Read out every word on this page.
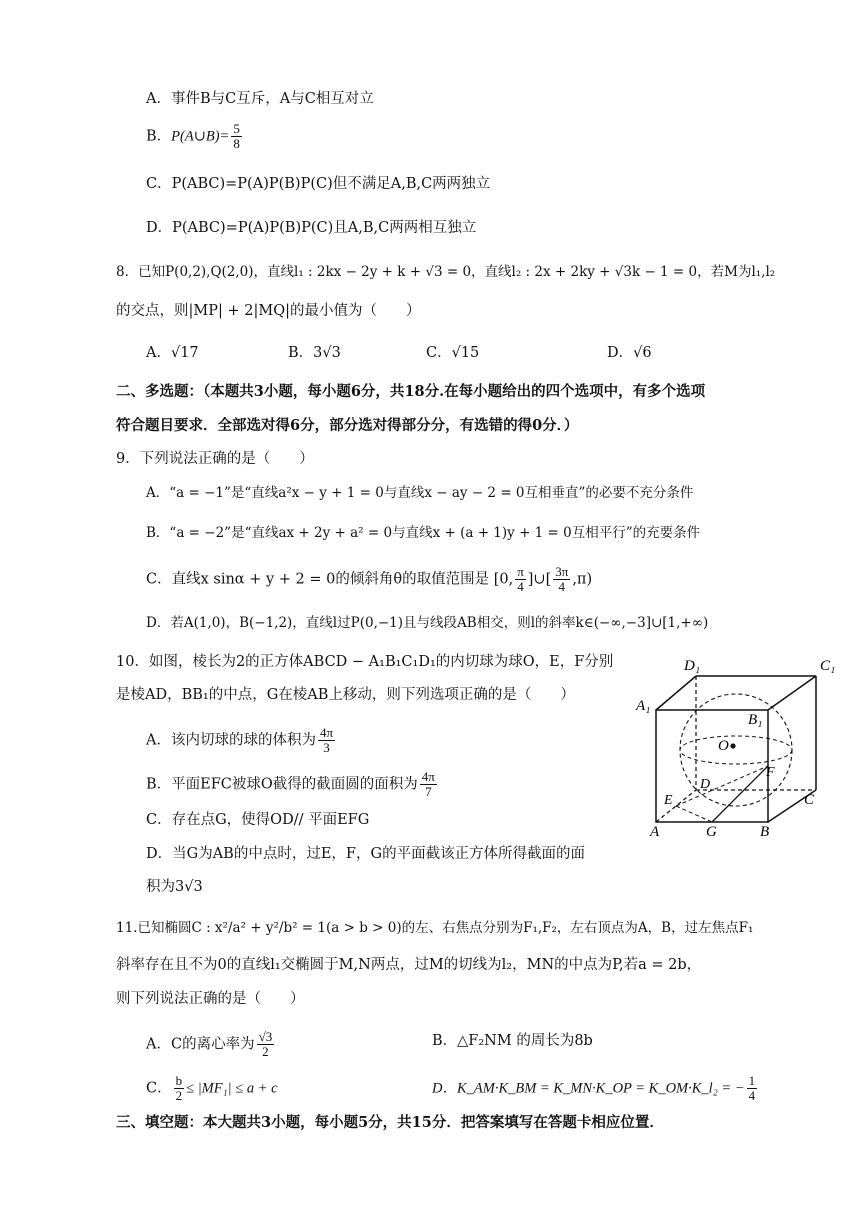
A．事件B与C互斥，A与C相互对立
B．P(A∪B)= $\frac{5}{8}$
C．P(ABC)=P(A)P(B)P(C)但不满足A,B,C两两独立
D．P(ABC)=P(A)P(B)P(C)且A,B,C两两相互独立
8．已知P(0,2),Q(2,0)，直线l₁ : 2kx − 2y + k + √3 = 0，直线l₂ : 2x + 2ky + √3k − 1 = 0，若M为l₁,l₂
的交点，则|MP| + 2|MQ|的最小值为（　　）
A．√17	B．3√3	C．√15	D．√6
二、多选题：（本题共3小题，每小题6分，共18分.在每小题给出的四个选项中，有多个选项
符合题目要求．全部选对得6分，部分选对得部分分，有选错的得0分．）
9．下列说法正确的是（　　）
A．“a = −1”是“直线a²x − y + 1 = 0与直线x − ay − 2 = 0互相垂直”的必要不充分条件
B．“a = −2”是“直线ax + 2y + a² = 0与直线x + (a + 1)y + 1 = 0互相平行”的充要条件
C．直线x sinα + y + 2 = 0的倾斜角θ的取值范围是 [0, $\frac{\pi}{4}$ ]∪[ $\frac{3\pi}{4} ,\pi$)
D．若A(1,0)，B(−1,2)，直线l过P(0,−1)且与线段AB相交，则l的斜率k∈(−∞,−3]∪[1,+∞)
10．如图，棱长为2的正方体ABCD − A₁B₁C₁D₁的内切球为球O，E，F分别
是棱AD，BB₁的中点，G在棱AB上移动，则下列选项正确的是（　　）
A．该内切球的球的体积为 $\frac{4\pi}{3}$
B．平面EFC被球O截得的截面圆的面积为 $\frac{4\pi}{7}$
C．存在点G，使得OD// 平面EFG
D．当G为AB的中点时，过E，F，G的平面截该正方体所得截面的面
积为3√3
D₁	C₁
A₁
B₁
O
D
F
E	C
A	G	B
11.已知椭圆C : x²/a² + y²/b² = 1(a > b > 0)的左、右焦点分别为F₁,F₂，左右顶点为A，B，过左焦点F₁
斜率存在且不为0的直线l₁交椭圆于M,N两点，过M的切线为l₂，MN的中点为P,若a = 2b，
则下列说法正确的是（　　）
A．C的离心率为 $\frac{√3}{2}$	B．△F₂NM 的周长为8b
C． $\frac{b}{2} \le |MF_1| \le a + c$	D．K_AM·K_BM = K_MN·K_OP = K_OM·K_l₂ = − $\frac{1}{4}$
三、填空题：本大题共3小题，每小题5分，共15分．把答案填写在答题卡相应位置．
